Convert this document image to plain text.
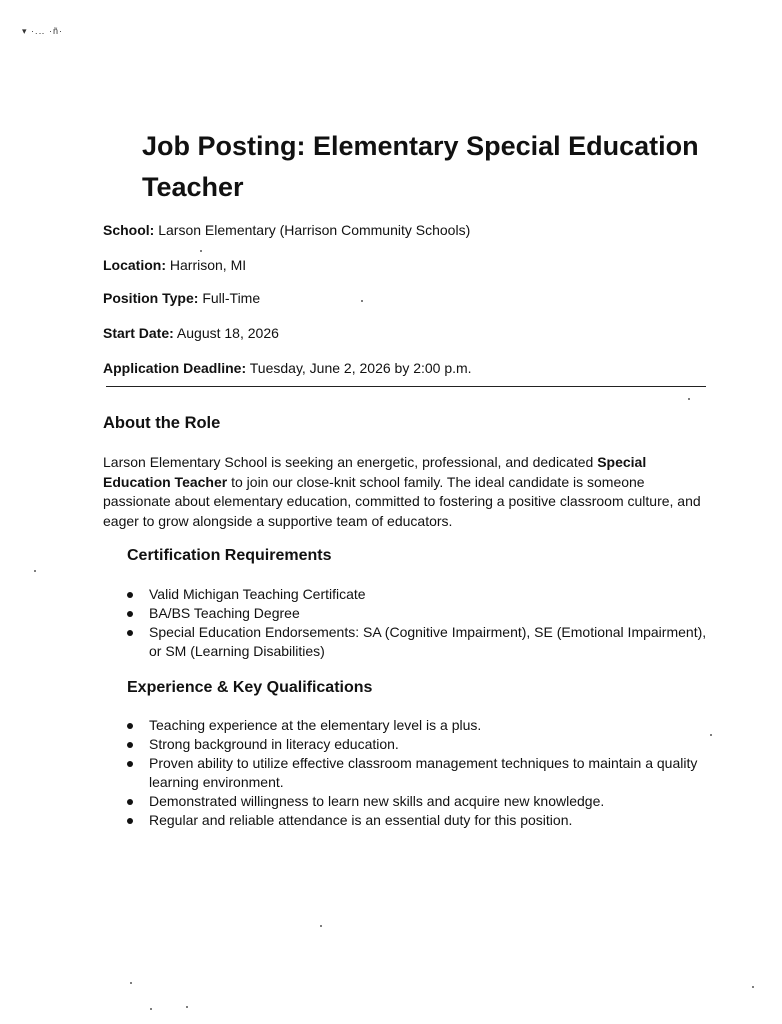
▾ ·.‥ ·ñ·
Job Posting: Elementary Special Education Teacher

School: Larson Elementary (Harrison Community Schools)

Location: Harrison, MI

Position Type: Full-Time

Start Date: August 18, 2026

Application Deadline: Tuesday, June 2, 2026 by 2:00 p.m.

About the Role

Larson Elementary School is seeking an energetic, professional, and dedicated Special Education Teacher to join our close-knit school family. The ideal candidate is someone passionate about elementary education, committed to fostering a positive classroom culture, and eager to grow alongside a supportive team of educators.

Certification Requirements
Valid Michigan Teaching Certificate
BA/BS Teaching Degree
Special Education Endorsements: SA (Cognitive Impairment), SE (Emotional Impairment), or SM (Learning Disabilities)
Experience & Key Qualifications
Teaching experience at the elementary level is a plus.
Strong background in literacy education.
Proven ability to utilize effective classroom management techniques to maintain a quality learning environment.
Demonstrated willingness to learn new skills and acquire new knowledge.
Regular and reliable attendance is an essential duty for this position.
